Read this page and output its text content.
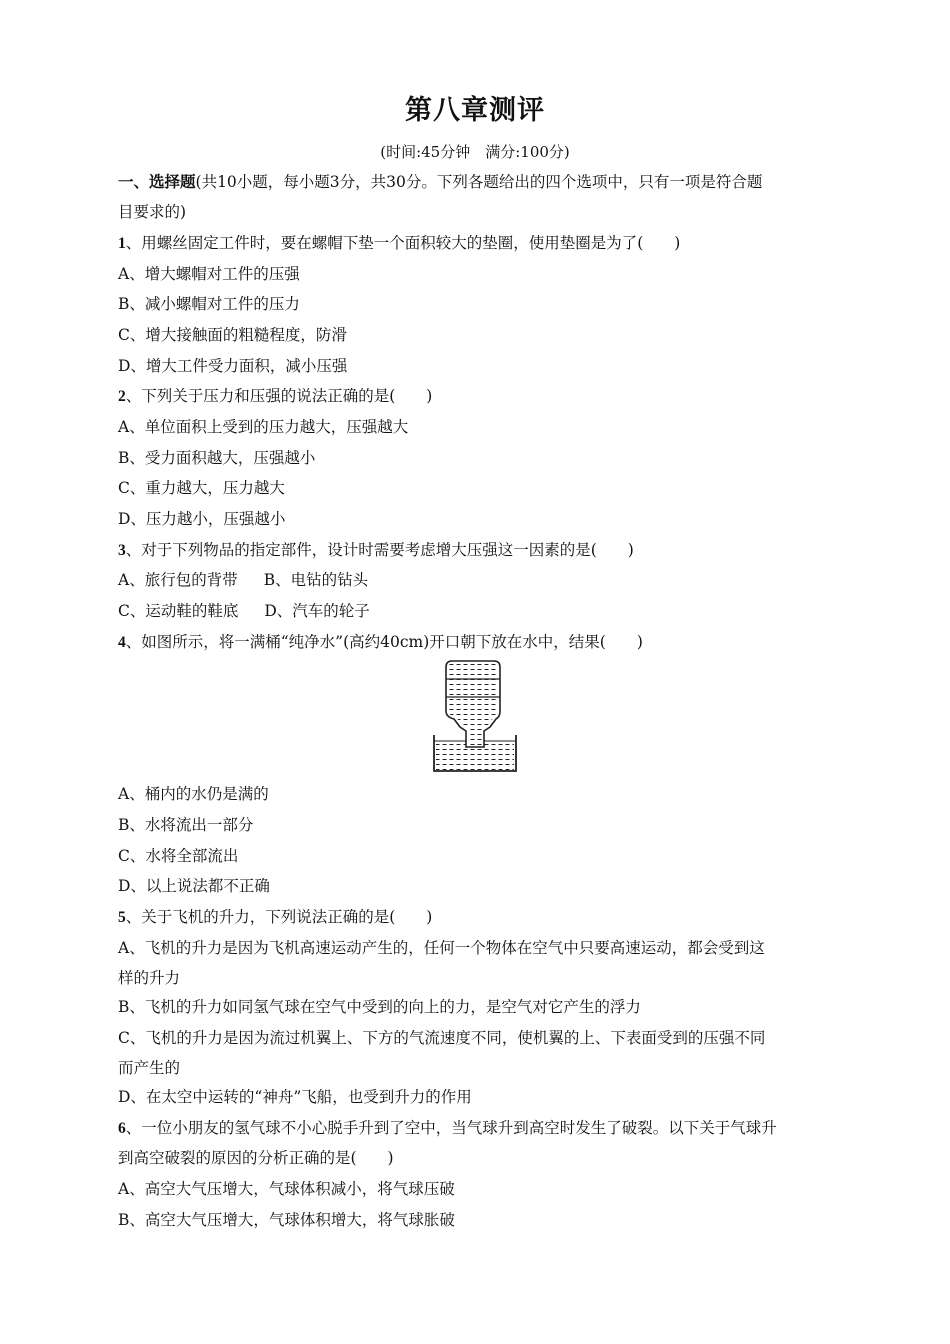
第八章测评
(时间:45分钟　满分:100分)
一、选择题(共10小题，每小题3分，共30分。下列各题给出的四个选项中，只有一项是符合题
目要求的)
1、用螺丝固定工件时，要在螺帽下垫一个面积较大的垫圈，使用垫圈是为了(　　)
A、增大螺帽对工件的压强
B、减小螺帽对工件的压力
C、增大接触面的粗糙程度，防滑
D、增大工件受力面积，减小压强
2、下列关于压力和压强的说法正确的是(　　)
A、单位面积上受到的压力越大，压强越大
B、受力面积越大，压强越小
C、重力越大，压力越大
D、压力越小，压强越小
3、对于下列物品的指定部件，设计时需要考虑增大压强这一因素的是(　　)
A、旅行包的背带 B、电钻的钻头
C、运动鞋的鞋底 D、汽车的轮子
4、如图所示，将一满桶“纯净水”(高约40cm)开口朝下放在水中，结果(　　)
A、桶内的水仍是满的
B、水将流出一部分
C、水将全部流出
D、以上说法都不正确
5、关于飞机的升力，下列说法正确的是(　　)
A、飞机的升力是因为飞机高速运动产生的，任何一个物体在空气中只要高速运动，都会受到这
样的升力
B、飞机的升力如同氢气球在空气中受到的向上的力，是空气对它产生的浮力
C、飞机的升力是因为流过机翼上、下方的气流速度不同，使机翼的上、下表面受到的压强不同
而产生的
D、在太空中运转的“神舟”飞船，也受到升力的作用
6、一位小朋友的氢气球不小心脱手升到了空中，当气球升到高空时发生了破裂。以下关于气球升
到高空破裂的原因的分析正确的是(　　)
A、高空大气压增大，气球体积减小，将气球压破
B、高空大气压增大，气球体积增大，将气球胀破
